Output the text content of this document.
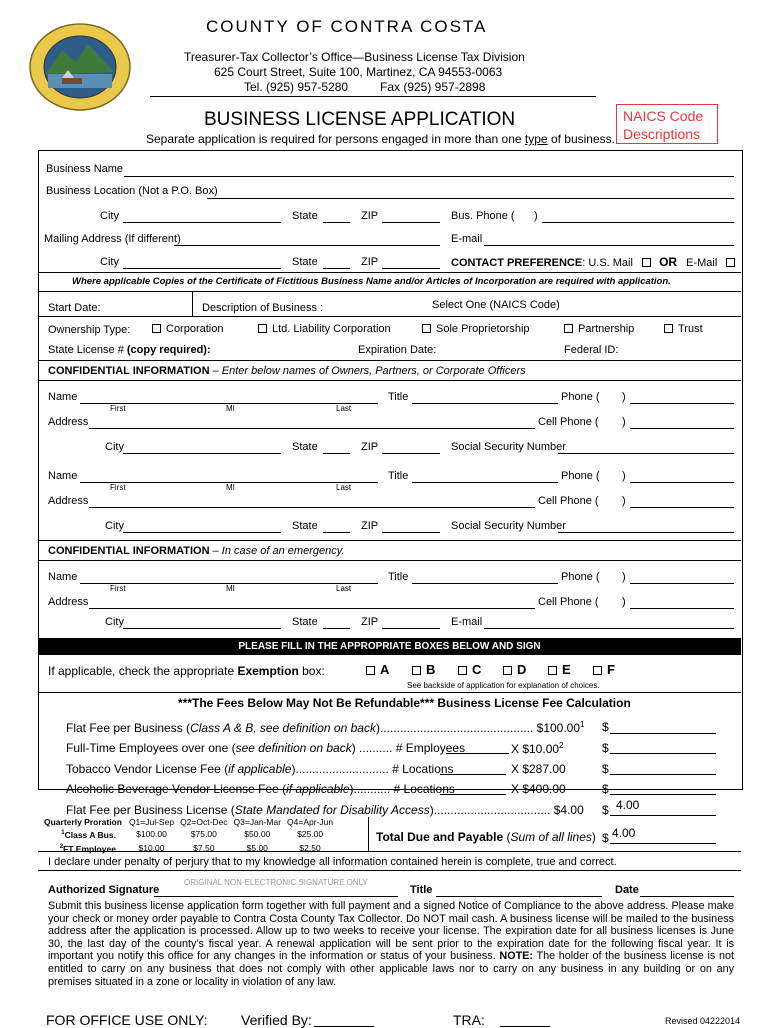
COUNTY OF CONTRA COSTA
Treasurer-Tax Collector’s Office—Business License Tax Division
625 Court Street, Suite 100, Martinez, CA 94553-0063
Tel. (925) 957-5280	Fax (925) 957-2898
BUSINESS LICENSE APPLICATION
Separate application is required for persons engaged in more than one type of business.
NAICS Code
Descriptions
Business Name
Business Location (Not a P.O. Box)
City	State	ZIP	Bus. Phone ( )
Mailing Address (If different)	E-mail
City	State	ZIP	CONTACT PREFERENCE: U.S. Mail OR E-Mail
Where applicable Copies of the Certificate of Fictitious Business Name and/or Articles of Incorporation are required with application.
Start Date:	Description of Business :	Select One (NAICS Code)
Ownership Type:	Corporation	Ltd. Liability Corporation	Sole Proprietorship	Partnership	Trust
State License # (copy required):	Expiration Date:	Federal ID:
CONFIDENTIAL INFORMATION – Enter below names of Owners, Partners, or Corporate Officers
Name
First	MI	Last
Title	Phone ( )
Address	Cell Phone ( )
City	State	ZIP	Social Security Number
Name
First	MI	Last
Title	Phone ( )
Address	Cell Phone ( )
City	State	ZIP	Social Security Number
Name
First	MI	Last
Title	Phone ( )
Address	Cell Phone ( )
City	State	ZIP	E-mail
CONFIDENTIAL INFORMATION – In case of an emergency.
PLEASE FILL IN THE APPROPRIATE BOXES BELOW AND SIGN
If applicable, check the appropriate Exemption box:	A	B	C	D	E	F
See backside of application for explanation of choices.
***The Fees Below May Not Be Refundable*** Business License Fee Calculation
Flat Fee per Business (Class A & B, see definition on back).............................................. $100.00$^1$ $
Full-Time Employees over one (see definition on back) .......... # Employees	X $10.00$^2$	$
Tobacco Vendor License Fee (if applicable)............................ # Locations	X $287.00	$
Alcoholic Beverage Vendor License Fee (if applicable)........... # Locations	X $400.00	$
Flat Fee per Business License (State Mandated for Disability Access)................................... $4.00 $ 4.00
Quarterly Proration	Q1=Jul-Sep	Q2=Oct-Dec	Q3=Jan-Mar	Q4=Apr-Jun
$^1$Class A Bus.	$100.00	$75.00	$50.00	$25.00
$^2$FT Employee	$10.00	$7.50	$5.00	$2.50
Total Due and Payable (Sum of all lines) $ 4.00
I declare under penalty of perjury that to my knowledge all information contained herein is complete, true and correct.
Authorized Signature
ORIGINAL NON-ELECTRONIC SIGNATURE ONLY
Title	Date
Submit this business license application form together with full payment and a signed Notice of Compliance to the above address. Please make your check or money order payable to Contra Costa County Tax Collector. Do NOT mail cash. A business license will be mailed to the business address after the application is processed. Allow up to two weeks to receive your license. The expiration date for all business licenses is June 30, the last day of the county’s fiscal year. A renewal application will be sent prior to the expiration date for the following fiscal year. It is important you notify this office for any changes in the information or status of your business. NOTE: The holder of the business license is not entitled to carry on any business that does not comply with other applicable laws nor to carry on any business in any building or on any premises situated in a zone or locality in violation of any law.
FOR OFFICE USE ONLY: Verified By:	TRA:	Revised 04222014
